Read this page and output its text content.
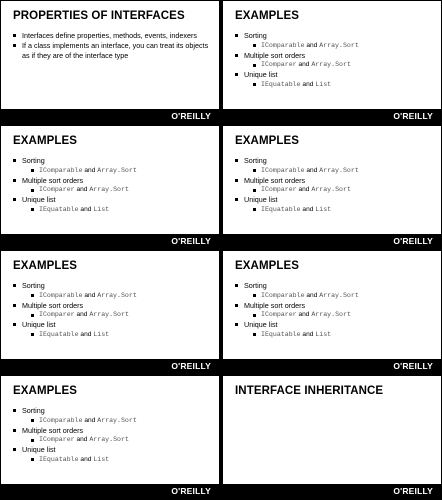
PROPERTIES OF INTERFACES
Interfaces define properties, methods, events, indexers
If a class implements an interface, you can treat its objects as if they are of the interface type
O'REILLY
EXAMPLES
Sorting
IComparable and Array.Sort
Multiple sort orders
IComparer and Array.Sort
Unique list
IEquatable and List
O'REILLY
EXAMPLES
Sorting
IComparable and Array.Sort
Multiple sort orders
IComparer and Array.Sort
Unique list
IEquatable and List
O'REILLY
EXAMPLES
Sorting
IComparable and Array.Sort
Multiple sort orders
IComparer and Array.Sort
Unique list
IEquatable and List
O'REILLY
EXAMPLES
Sorting
IComparable and Array.Sort
Multiple sort orders
IComparer and Array.Sort
Unique list
IEquatable and List
O'REILLY
EXAMPLES
Sorting
IComparable and Array.Sort
Multiple sort orders
IComparer and Array.Sort
Unique list
IEquatable and List
O'REILLY
EXAMPLES
Sorting
IComparable and Array.Sort
Multiple sort orders
IComparer and Array.Sort
Unique list
IEquatable and List
O'REILLY
INTERFACE INHERITANCE
O'REILLY
